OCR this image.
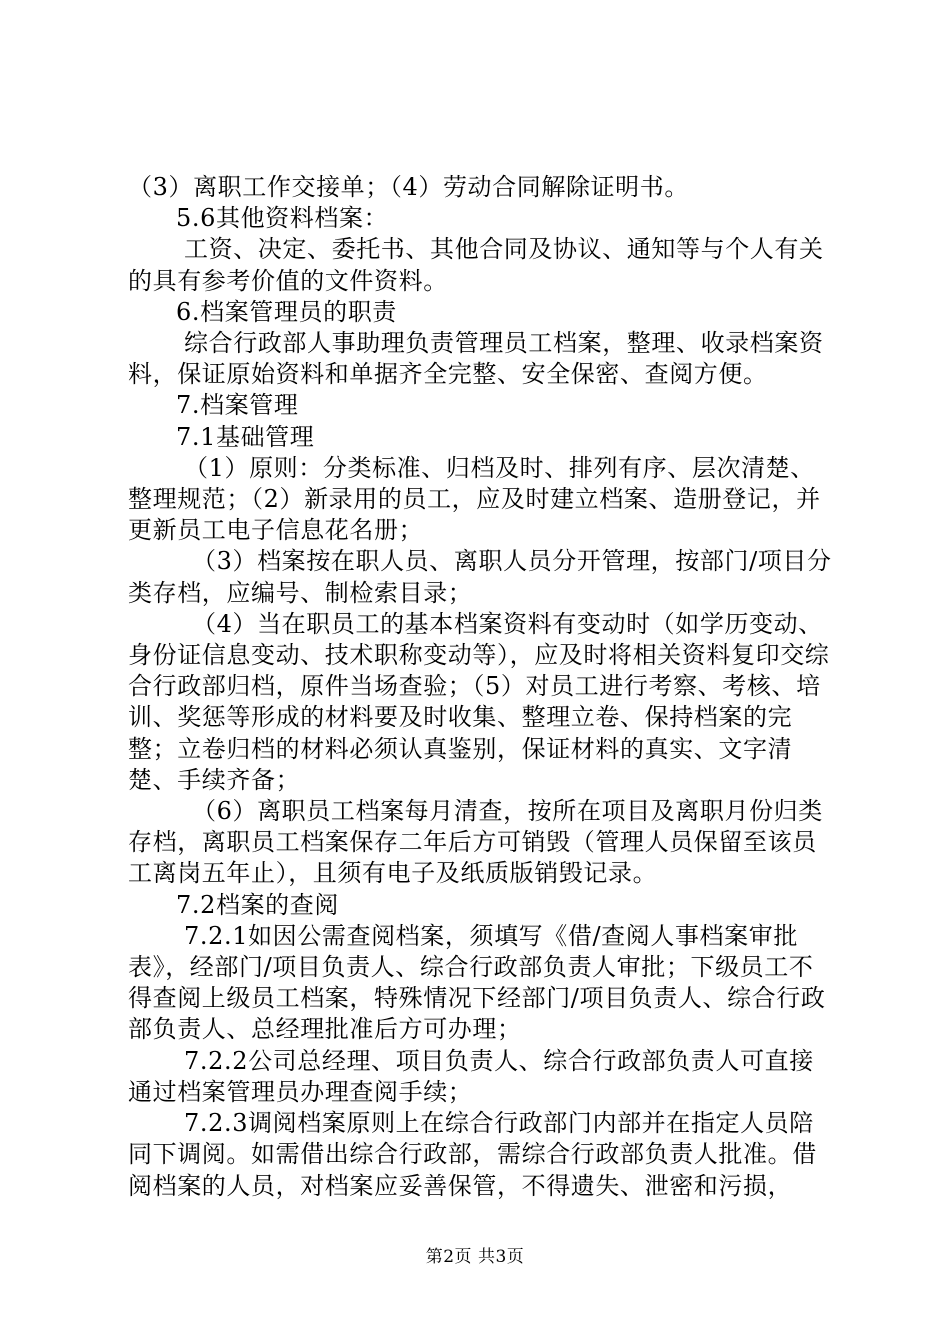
（3）离职工作交接单；（4）劳动合同解除证明书。

5.6其他资料档案：

工资、决定、委托书、其他合同及协议、通知等与个人有关的具有参考价值的文件资料。

6.档案管理员的职责

综合行政部人事助理负责管理员工档案，整理、收录档案资料，保证原始资料和单据齐全完整、安全保密、查阅方便。

7.档案管理

7.1基础管理

（1）原则：分类标准、归档及时、排列有序、层次清楚、整理规范；（2）新录用的员工，应及时建立档案、造册登记，并更新员工电子信息花名册；

（3）档案按在职人员、离职人员分开管理，按部门/项目分类存档，应编号、制检索目录；

（4）当在职员工的基本档案资料有变动时（如学历变动、身份证信息变动、技术职称变动等），应及时将相关资料复印交综合行政部归档，原件当场查验；（5）对员工进行考察、考核、培训、奖惩等形成的材料要及时收集、整理立卷、保持档案的完整；立卷归档的材料必须认真鉴别，保证材料的真实、文字清楚、手续齐备；

（6）离职员工档案每月清查，按所在项目及离职月份归类存档，离职员工档案保存二年后方可销毁（管理人员保留至该员工离岗五年止），且须有电子及纸质版销毁记录。

7.2档案的查阅

7.2.1如因公需查阅档案，须填写《借/查阅人事档案审批表》，经部门/项目负责人、综合行政部负责人审批；下级员工不得查阅上级员工档案，特殊情况下经部门/项目负责人、综合行政部负责人、总经理批准后方可办理；

7.2.2公司总经理、项目负责人、综合行政部负责人可直接通过档案管理员办理查阅手续；

7.2.3调阅档案原则上在综合行政部门内部并在指定人员陪同下调阅。如需借出综合行政部，需综合行政部负责人批准。借阅档案的人员，对档案应妥善保管，不得遗失、泄密和污损，

第2页 共3页
